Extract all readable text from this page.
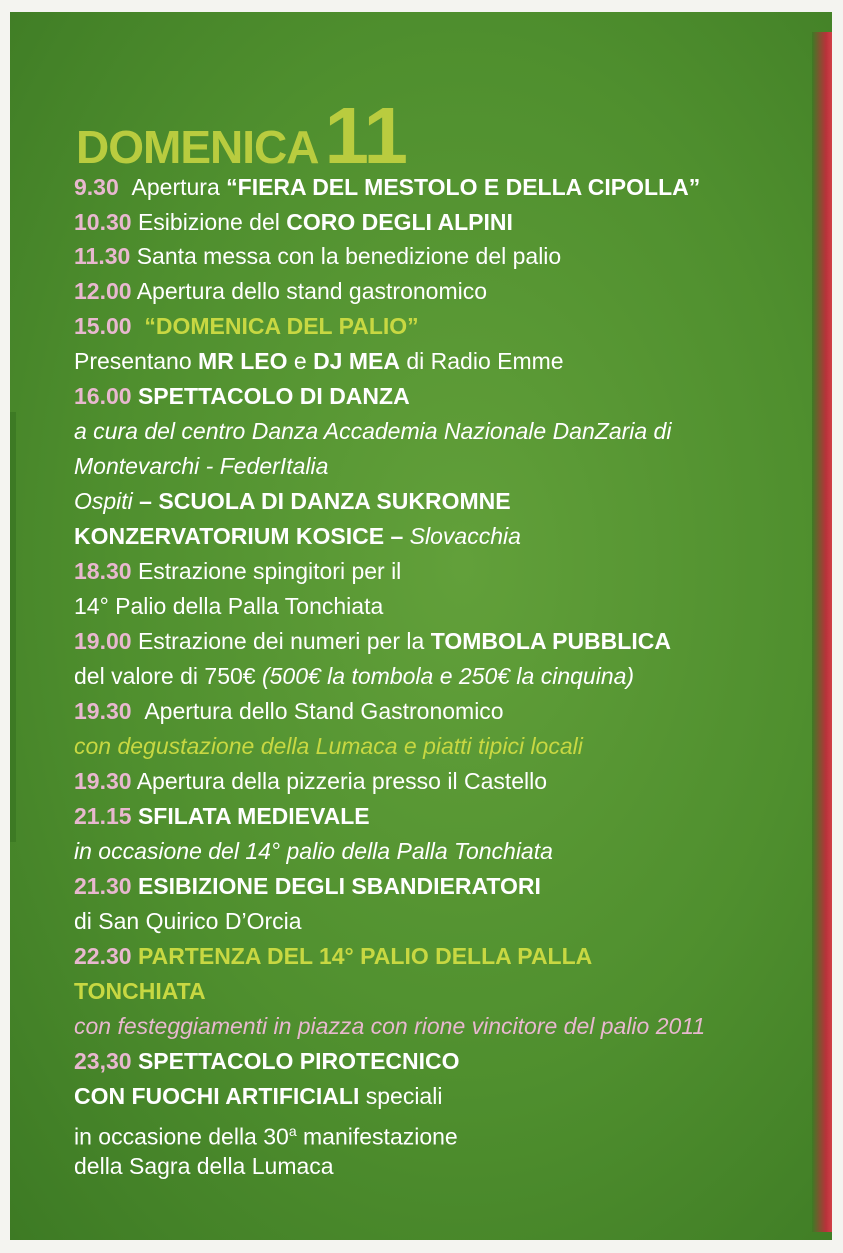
DOMENICA11
9.30 Apertura “FIERA DEL MESTOLO E DELLA CIPOLLA”
10.30 Esibizione del CORO DEGLI ALPINI
11.30 Santa messa con la benedizione del palio
12.00 Apertura dello stand gastronomico
15.00 “DOMENICA DEL PALIO”
Presentano MR LEO e DJ MEA di Radio Emme
16.00 SPETTACOLO DI DANZA
a cura del centro Danza Accademia Nazionale DanZaria di
Montevarchi - FederItalia
Ospiti – SCUOLA DI DANZA SUKROMNE
KONZERVATORIUM KOSICE – Slovacchia
18.30 Estrazione spingitori per il
14° Palio della Palla Tonchiata
19.00 Estrazione dei numeri per la TOMBOLA PUBBLICA
del valore di 750€ (500€ la tombola e 250€ la cinquina)
19.30 Apertura dello Stand Gastronomico
con degustazione della Lumaca e piatti tipici locali
19.30 Apertura della pizzeria presso il Castello
21.15 SFILATA MEDIEVALE
in occasione del 14° palio della Palla Tonchiata
21.30 ESIBIZIONE DEGLI SBANDIERATORI
di San Quirico D’Orcia
22.30 PARTENZA DEL 14° PALIO DELLA PALLA
TONCHIATA
con festeggiamenti in piazza con rione vincitore del palio 2011
23,30 SPETTACOLO PIROTECNICO
CON FUOCHI ARTIFICIALI speciali
in occasione della 30$^a$ manifestazione
della Sagra della Lumaca
